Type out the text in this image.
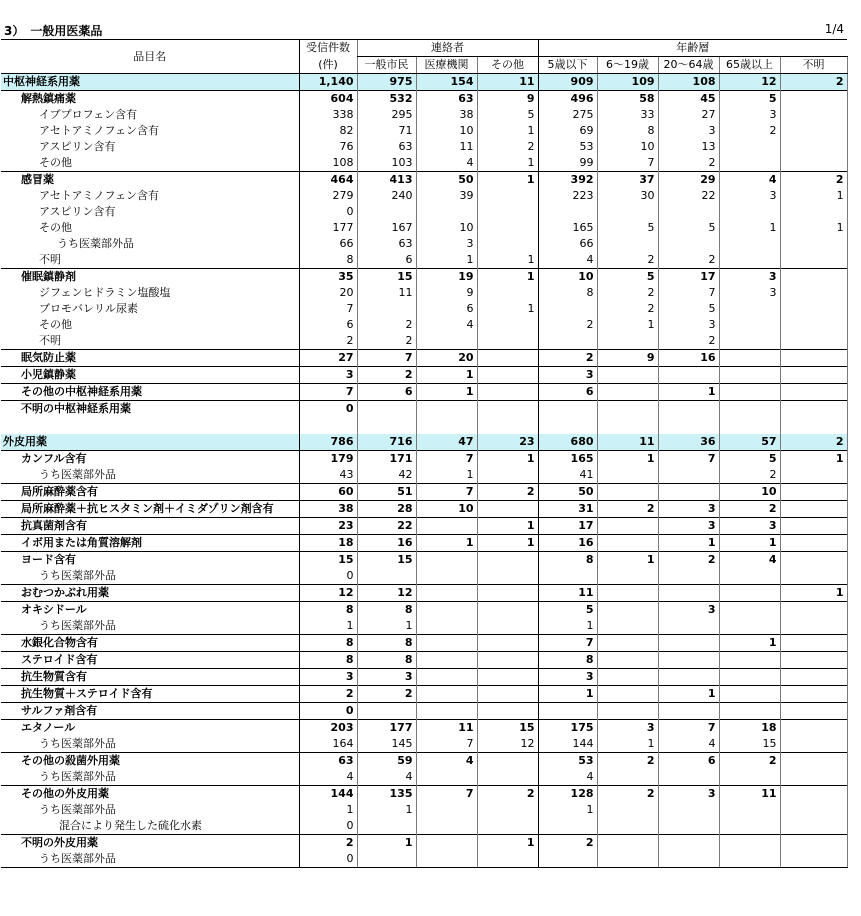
3）　一般用医薬品	1/4
品目名	受信件数	連絡者			年齢層				
	(件)	一般市民	医療機関	その他	5歳以下	6～19歳	20～64歳	65歳以上	不明
中枢神経系用薬	1,140	975	154	11	909	109	108	12	2
解熱鎮痛薬	604	532	63	9	496	58	45	5	
イブプロフェン含有	338	295	38	5	275	33	27	3	
アセトアミノフェン含有	82	71	10	1	69	8	3	2	
アスピリン含有	76	63	11	2	53	10	13		
その他	108	103	4	1	99	7	2		
感冒薬	464	413	50	1	392	37	29	4	2
アセトアミノフェン含有	279	240	39		223	30	22	3	1
アスピリン含有	0								
その他	177	167	10		165	5	5	1	1
うち医薬部外品	66	63	3		66				
不明	8	6	1	1	4	2	2		
催眠鎮静剤	35	15	19	1	10	5	17	3	
ジフェンヒドラミン塩酸塩	20	11	9		8	2	7	3	
ブロモバレリル尿素	7		6	1		2	5		
その他	6	2	4		2	1	3		
不明	2	2					2		
眠気防止薬	27	7	20		2	9	16		
小児鎮静薬	3	2	1		3				
その他の中枢神経系用薬	7	6	1		6		1		
不明の中枢神経系用薬	0								

外皮用薬	786	716	47	23	680	11	36	57	2
カンフル含有	179	171	7	1	165	1	7	5	1
うち医薬部外品	43	42	1		41			2	
局所麻酔薬含有	60	51	7	2	50			10	
局所麻酔薬＋抗ヒスタミン剤＋イミダゾリン剤含有	38	28	10		31	2	3	2	
抗真菌剤含有	23	22		1	17		3	3	
イボ用または角質溶解剤	18	16	1	1	16		1	1	
ヨード含有	15	15			8	1	2	4	
うち医薬部外品	0								
おむつかぶれ用薬	12	12			11				1
オキシドール	8	8			5		3		
うち医薬部外品	1	1			1				
水銀化合物含有	8	8			7			1	
ステロイド含有	8	8			8				
抗生物質含有	3	3			3				
抗生物質＋ステロイド含有	2	2			1		1		
サルファ剤含有	0								
エタノール	203	177	11	15	175	3	7	18	
うち医薬部外品	164	145	7	12	144	1	4	15	
その他の殺菌外用薬	63	59	4		53	2	6	2	
うち医薬部外品	4	4			4				
その他の外皮用薬	144	135	7	2	128	2	3	11	
うち医薬部外品	1	1			1				
混合により発生した硫化水素	0								
不明の外皮用薬	2	1		1	2				
うち医薬部外品	0								
